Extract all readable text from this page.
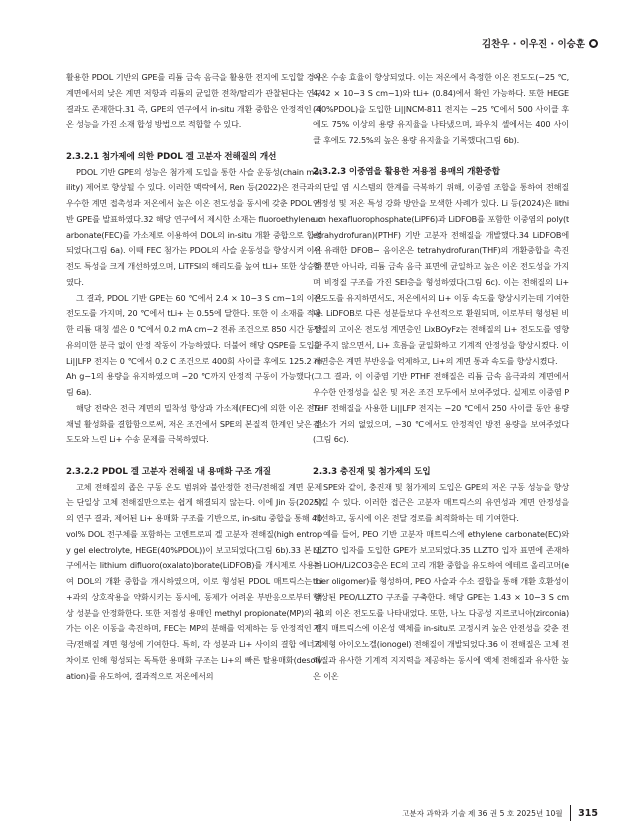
김찬우 · 이우진 · 이승훈

활용한 PDOL 기반의 GPE를 리튬 금속 음극을 활용한 전지에 도입할 경우 계면에서의 낮은 계면 저항과 리튬의 균일한 전착/탈리가 관찰된다는 연구 결과도 존재한다.31 즉, GPE의 연구에서 in-situ 개환 중합은 안정적인 저온 성능을 가진 소재 합성 방법으로 적합할 수 있다.

2.3.2.1 첨가제에 의한 PDOL 겔 고분자 전해질의 개선

PDOL 기반 GPE의 성능은 첨가제 도입을 통한 사슬 운동성(chain motility) 제어로 향상될 수 있다. 이러한 맥락에서, Ren 등(2022)은 전극과의 우수한 계면 접촉성과 저온에서 높은 이온 전도성을 동시에 갖춘 PDOL 기반 GPE를 발표하였다.32 해당 연구에서 제시한 소재는 fluoroethylene carbonate(FEC)를 가소제로 이용하여 DOL의 in-situ 개환 중합으로 합성되었다(그림 6a). 이때 FEC 첨가는 PDOL의 사슬 운동성을 향상시켜 이온 전도 특성을 크게 개선하였으며, LiTFSI의 해리도를 높여 tLi+ 또한 상승하였다.

그 결과, PDOL 기반 GPE는 60 ℃에서 2.4 × 10−3 S cm−1의 이온 전도도를 가지며, 20 ℃에서 tLi+ 는 0.55에 달한다. 또한 이 소재를 적용한 리튬 대칭 셀은 0 ℃에서 0.2 mA cm−2 전류 조건으로 850 시간 동안 유의미한 분극 없이 안정 작동이 가능하였다. 더불어 해당 QSPE를 도입한 Li||LFP 전지는 0 ℃에서 0.2 C 조건으로 400회 사이클 후에도 125.2 mAh g−1의 용량을 유지하였으며 −20 ℃까지 안정적 구동이 가능했다(그림 6a).

해당 전략은 전극 계면의 밀착성 향상과 가소제(FEC)에 의한 이온 전도 채널 활성화를 결합함으로써, 저온 조건에서 SPE의 본질적 한계인 낮은 전도도와 느린 Li+ 수송 문제를 극복하였다.

2.3.2.2 PDOL 겔 고분자 전해질 내 용매화 구조 개질

고체 전해질의 좁은 구동 온도 범위와 불안정한 전극/전해질 계면 문제는 단일상 고체 전해질만으로는 쉽게 해결되지 않는다. 이에 Jin 등(2025)의 연구 결과, 제어된 Li+ 용매화 구조를 기반으로, in-situ 중합을 통해 40 vol% DOL 전구체를 포함하는 고엔트로피 겔 고분자 전해질(high entropy gel electrolyte, HEGE(40%PDOL))이 보고되었다(그림 6b).33 본 연구에서는 lithium difluoro(oxalato)borate(LiDFOB)를 개시제로 사용하여 DOL의 개환 중합을 개시하였으며, 이로 형성된 PDOL 매트릭스는 Li+과의 상호작용을 약화시키는 동시에, 동제가 어려운 부반응으로부터 액상 성분을 안정화한다. 또한 저점성 용매인 methyl propionate(MP)의 첨가는 이온 이동을 촉진하며, FEC는 MP의 분해를 억제하는 등 안정적인 전극/전해질 계면 형성에 기여한다. 특히, 각 성분과 Li+ 사이의 결합 에너지 차이로 인해 형성되는 독특한 용매화 구조는 Li+의 빠른 탈용매화(desolvation)를 유도하여, 결과적으로 저온에서의

이온 수송 효율이 향상되었다. 이는 저온에서 측정한 이온 전도도(−25 ℃, 4.42 × 10−3 S cm−1)와 tLi+ (0.84)에서 확인 가능하다. 또한 HEGE(40%PDOL)을 도입한 Li||NCM-811 전지는 −25 ℃에서 500 사이클 후에도 75% 이상의 용량 유지율을 나타냈으며, 파우치 셀에서는 400 사이클 후에도 72.5%의 높은 용량 유지율을 기록했다(그림 6b).

2.3.2.3 이중염을 활용한 저용점 용매의 개환중합

단일 염 시스템의 한계를 극복하기 위해, 이중염 조합을 통하여 전해질 안정성 및 저온 특성 강화 방안을 모색한 사례가 있다. Li 등(2024)은 lithium hexafluorophosphate(LiPF6)과 LiDFOB를 포함한 이중염의 poly(tetrahydrofuran)(PTHF) 기반 고분자 전해질을 개발했다.34 LiDFOB에서 유래한 DFOB− 음이온은 tetrahydrofuran(THF)의 개환중합을 촉진할 뿐만 아니라, 리튬 금속 음극 표면에 균일하고 높은 이온 전도성을 가지며 비정질 구조를 가진 SEI층을 형성하였다(그림 6c). 이는 전해질의 Li+ 전도도를 유지하면서도, 저온에서의 Li+ 이동 속도를 향상시키는데 기여한다. LiDFOB로 다른 성분들보다 우선적으로 환원되며, 이로부터 형성된 비정질의 고이온 전도성 계면층인 LixBOyFz는 전해질의 Li+ 전도도를 영향을 주지 않으면서, Li+ 흐름을 균일화하고 기계적 안정성을 향상시켰다. 이 계면층은 계면 부반응을 억제하고, Li+의 계면 통과 속도를 향상시켰다.

그 결과, 이 이중염 기반 PTHF 전해질은 리튬 금속 음극과의 계면에서 우수한 안정성을 실온 및 저온 조건 모두에서 보여주었다. 실제로 이중염 PTHF 전해질을 사용한 Li||LFP 전지는 −20 ℃에서 250 사이클 동안 용량 감소가 거의 없었으며, −30 ℃에서도 안정적인 방전 용량을 보여주었다(그림 6c).

2.3.3 충진재 및 첨가제의 도입

SPE와 같이, 충진재 및 첨가제의 도입은 GPE의 저온 구동 성능을 향상시킬 수 있다. 이러한 접근은 고분자 매트릭스의 유연성과 계면 안정성을 개선하고, 동시에 이온 전달 경로를 최적화하는 데 기여한다.

예를 들어, PEO 기반 고분자 매트릭스에 ethylene carbonate(EC)와 LLZTO 입자를 도입한 GPE가 보고되었다.35 LLZTO 입자 표면에 존재하는 LiOH/Li2CO3층은 EC의 고리 개환 중합을 유도하여 에테르 올리고머(ether oligomer)를 형성하며, PEO 사슬과 수소 결합을 통해 개환 호환성이 향상된 PEO/LLZTO 구조를 구축한다. 해당 GPE는 1.43 × 10−3 S cm−1의 이온 전도도를 나타내었다. 또한, 나노 다공성 지르코니아(zirconia) 지지 매트릭스에 이온성 액체를 in-situ로 고정시켜 높은 안전성을 갖춘 전고체형 아이오노겔(ionogel) 전해질이 개발되었다.36 이 전해질은 고체 전해질과 유사한 기계적 지지력을 제공하는 동시에 액체 전해질과 유사한 높은 이온

고분자 과학과 기술 제 36 권 5 호 2025년 10월 315
